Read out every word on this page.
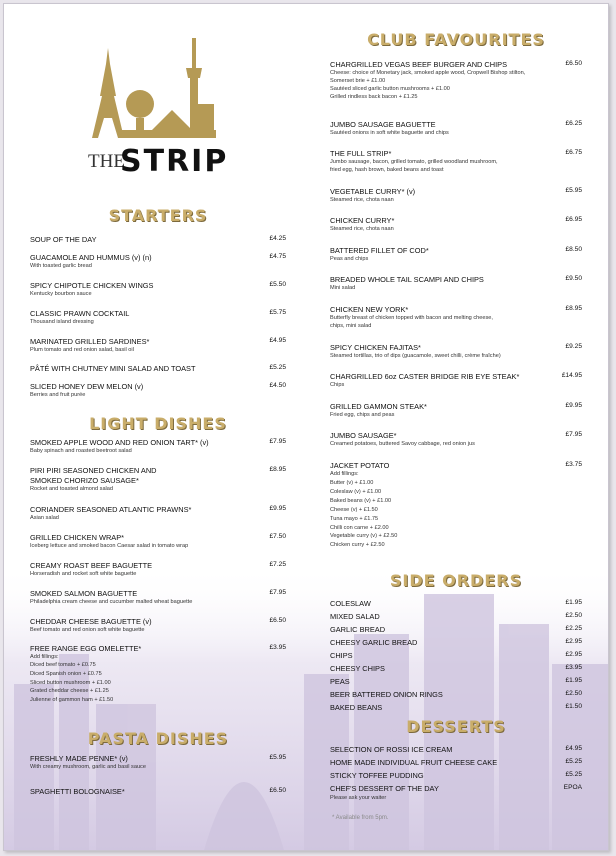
THE
STRIP
STARTERS
SOUP OF THE DAY	£4.25
GUACAMOLE AND HUMMUS (v) (n)	£4.75
With toasted garlic bread
SPICY CHIPOTLE CHICKEN WINGS	£5.50
Kentucky bourbon sauce
CLASSIC PRAWN COCKTAIL	£5.75
Thousand island dressing
MARINATED GRILLED SARDINES*	£4.95
Plum tomato and red onion salad, basil oil
PÂTÉ WITH CHUTNEY MINI SALAD AND TOAST	£5.25
SLICED HONEY DEW MELON (v)	£4.50
Berries and fruit purée
LIGHT DISHES
SMOKED APPLE WOOD AND RED ONION TART* (v)	£7.95
Baby spinach and roasted beetroot salad
PIRI PIRI SEASONED CHICKEN AND	£8.95
SMOKED CHORIZO SAUSAGE*
Rocket and toasted almond salad
CORIANDER SEASONED ATLANTIC PRAWNS*	£9.95
Asian salad
GRILLED CHICKEN WRAP*	£7.50
Iceberg lettuce and smoked bacon Caesar salad in tomato wrap
CREAMY ROAST BEEF BAGUETTE	£7.25
Horseradish and rocket soft white baguette
SMOKED SALMON BAGUETTE	£7.95
Philadelphia cream cheese and cucumber malted wheat baguette
CHEDDAR CHEESE BAGUETTE (v)	£6.50
Beef tomato and red onion soft white baguette
FREE RANGE EGG OMELETTE*	£3.95
Add fillings:
Diced beef tomato + £0.75
Diced Spanish onion + £0.75
Sliced button mushroom + £1.00
Grated cheddar cheese + £1.25
Julienne of gammon ham + £1.50
PASTA DISHES
FRESHLY MADE PENNE* (v)	£5.95
With creamy mushroom, garlic and basil sauce
SPAGHETTI BOLOGNAISE*	£6.50
CLUB FAVOURITES
CHARGRILLED VEGAS BEEF BURGER AND CHIPS	£6.50
Cheese: choice of Monetary jack, smoked apple wood, Cropwell Bishop stilton,
Somerset brie + £1.00
Sautéed sliced garlic button mushrooms + £1.00
Grilled rindless back bacon + £1.25
JUMBO SAUSAGE BAGUETTE	£6.25
Sautéed onions in soft white baguette and chips
THE FULL STRIP*	£6.75
Jumbo sausage, bacon, grilled tomato, grilled woodland mushroom,
fried egg, hash brown, baked beans and toast
VEGETABLE CURRY* (v)	£5.95
Steamed rice, chota naan
CHICKEN CURRY*	£6.95
Steamed rice, chota naan
BATTERED FILLET OF COD*	£8.50
Peas and chips
BREADED WHOLE TAIL SCAMPI AND CHIPS	£9.50
Mini salad
CHICKEN NEW YORK*	£8.95
Butterfly breast of chicken topped with bacon and melting cheese,
chips, mini salad
SPICY CHICKEN FAJITAS*	£9.25
Steamed tortillas, trio of dips (guacamole, sweet chilli, crème fraîche)
CHARGRILLED 6oz CASTER BRIDGE RIB EYE STEAK*	£14.95
Chips
GRILLED GAMMON STEAK*	£9.95
Fried egg, chips and peas
JUMBO SAUSAGE*	£7.95
Creamed potatoes, buttered Savoy cabbage, red onion jus
JACKET POTATO	£3.75
Add fillings:
Butter (v) + £1.00
Coleslaw (v) + £1.00
Baked beans (v) + £1.00
Cheese (v) + £1.50
Tuna mayo + £1.75
Chilli con carne + £2.00
Vegetable curry (v) + £2.50
Chicken curry + £2.50
SIDE ORDERS
COLESLAW	£1.95
MIXED SALAD	£2.50
GARLIC BREAD	£2.25
CHEESY GARLIC BREAD	£2.95
CHIPS	£2.95
CHEESY CHIPS	£3.95
PEAS	£1.95
BEER BATTERED ONION RINGS	£2.50
BAKED BEANS	£1.50
DESSERTS
SELECTION OF ROSSI ICE CREAM	£4.95
HOME MADE INDIVIDUAL FRUIT CHEESE CAKE	£5.25
STICKY TOFFEE PUDDING	£5.25
CHEF'S DESSERT OF THE DAY	EPOA
Please ask your waiter
* Available from 5pm.
